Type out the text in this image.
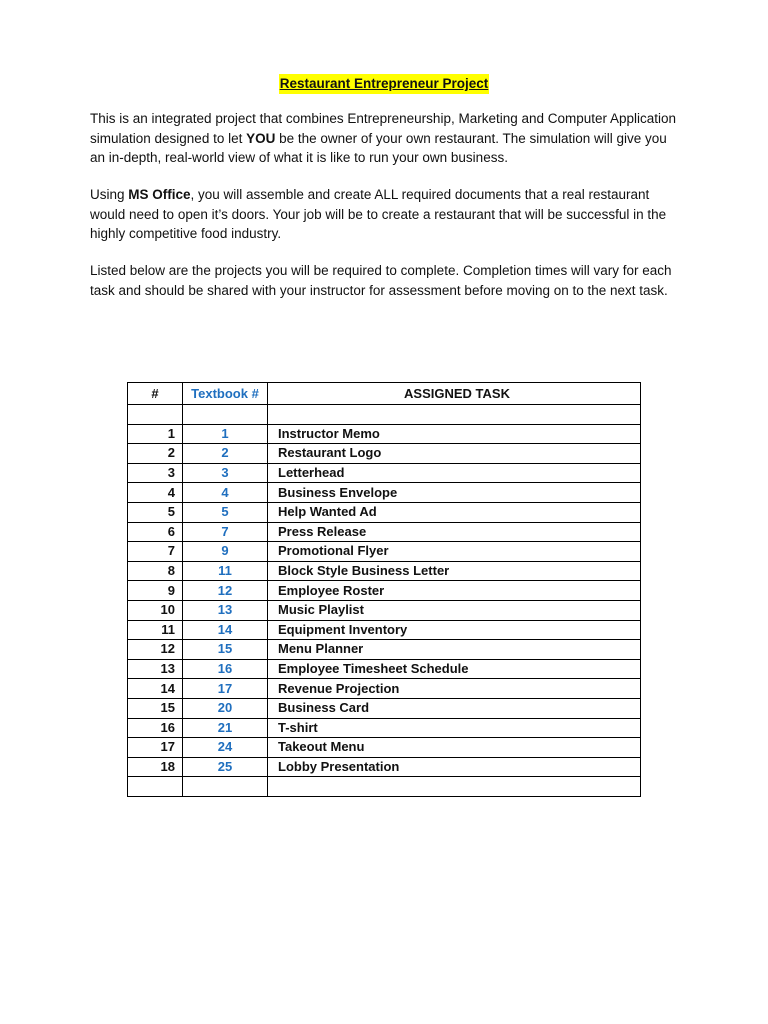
Restaurant Entrepreneur Project

This is an integrated project that combines Entrepreneurship, Marketing and Computer Application simulation designed to let YOU be the owner of your own restaurant. The simulation will give you an in-depth, real-world view of what it is like to run your own business.

Using MS Office, you will assemble and create ALL required documents that a real restaurant would need to open it’s doors. Your job will be to create a restaurant that will be successful in the highly competitive food industry.

Listed below are the projects you will be required to complete. Completion times will vary for each task and should be shared with your instructor for assessment before moving on to the next task.

#	Textbook #	ASSIGNED TASK

1	1	Instructor Memo
2	2	Restaurant Logo
3	3	Letterhead
4	4	Business Envelope
5	5	Help Wanted Ad
6	7	Press Release
7	9	Promotional Flyer
8	11	Block Style Business Letter
9	12	Employee Roster
10	13	Music Playlist
11	14	Equipment Inventory
12	15	Menu Planner
13	16	Employee Timesheet Schedule
14	17	Revenue Projection
15	20	Business Card
16	21	T-shirt
17	24	Takeout Menu
18	25	Lobby Presentation
